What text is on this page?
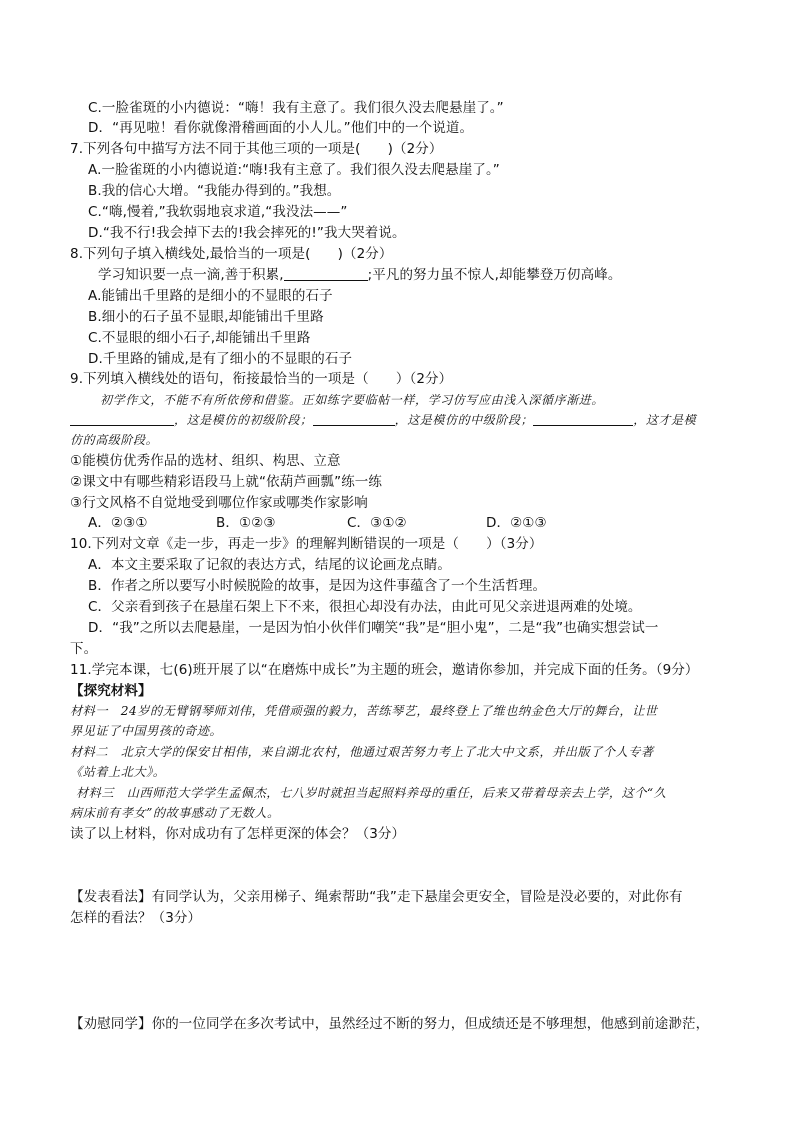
C.一脸雀斑的小内德说：“嗨！我有主意了。我们很久没去爬悬崖了。”
D．“再见啦！看你就像滑稽画面的小人儿。”他们中的一个说道。
7.下列各句中描写方法不同于其他三项的一项是(　　)（2分）
A.一脸雀斑的小内德说道:“嗨!我有主意了。我们很久没去爬悬崖了。”
B.我的信心大增。“我能办得到的。”我想。
C.“嗨,慢着,”我软弱地哀求道,“我没法——”
D.“我不行!我会掉下去的!我会摔死的!”我大哭着说。
8.下列句子填入横线处,最恰当的一项是(　　)（2分）
学习知识要一点一滴,善于积累,	;平凡的努力虽不惊人,却能攀登万仞高峰。
A.能铺出千里路的是细小的不显眼的石子
B.细小的石子虽不显眼,却能铺出千里路
C.不显眼的细小石子,却能铺出千里路
D.千里路的铺成,是有了细小的不显眼的石子
9.下列填入横线处的语句，衔接最恰当的一项是（　　）（2分）
初学作文，不能不有所依傍和借鉴。正如练字要临帖一样，学习仿写应由浅入深循序渐进。
，这是模仿的初级阶段；	，这是模仿的中级阶段；	，这才是模
仿的高级阶段。
①能模仿优秀作品的选材、组织、构思、立意
②课文中有哪些精彩语段马上就“依葫芦画瓢”练一练
③行文风格不自觉地受到哪位作家或哪类作家影响
A．②③①	B．①②③	C．③①②	D．②①③
10.下列对文章《走一步，再走一步》的理解判断错误的一项是（　　）（3分）
A．本文主要采取了记叙的表达方式，结尾的议论画龙点睛。
B．作者之所以要写小时候脱险的故事，是因为这件事蕴含了一个生活哲理。
C．父亲看到孩子在悬崖石架上下不来，很担心却没有办法，由此可见父亲进退两难的处境。
D．“我”之所以去爬悬崖，一是因为怕小伙伴们嘲笑“我”是“胆小鬼”，二是“我”也确实想尝试一
下。
11.学完本课，七(6)班开展了以“在磨炼中成长”为主题的班会，邀请你参加，并完成下面的任务。（9分）
【探究材料】
材料一　24岁的无臂钢琴师刘伟，凭借顽强的毅力，苦练琴艺，最终登上了维也纳金色大厅的舞台，让世
界见证了中国男孩的奇迹。
材料二　北京大学的保安甘相伟，来自湖北农村，他通过艰苦努力考上了北大中文系，并出版了个人专著
《站着上北大》。
材料三　山西师范大学学生孟佩杰，七八岁时就担当起照料养母的重任，后来又带着母亲去上学，这个“久
病床前有孝女”的故事感动了无数人。
读了以上材料，你对成功有了怎样更深的体会？（3分）
【发表看法】有同学认为，父亲用梯子、绳索帮助“我”走下悬崖会更安全，冒险是没必要的，对此你有
怎样的看法？（3分）
【劝慰同学】你的一位同学在多次考试中，虽然经过不断的努力，但成绩还是不够理想，他感到前途渺茫，
